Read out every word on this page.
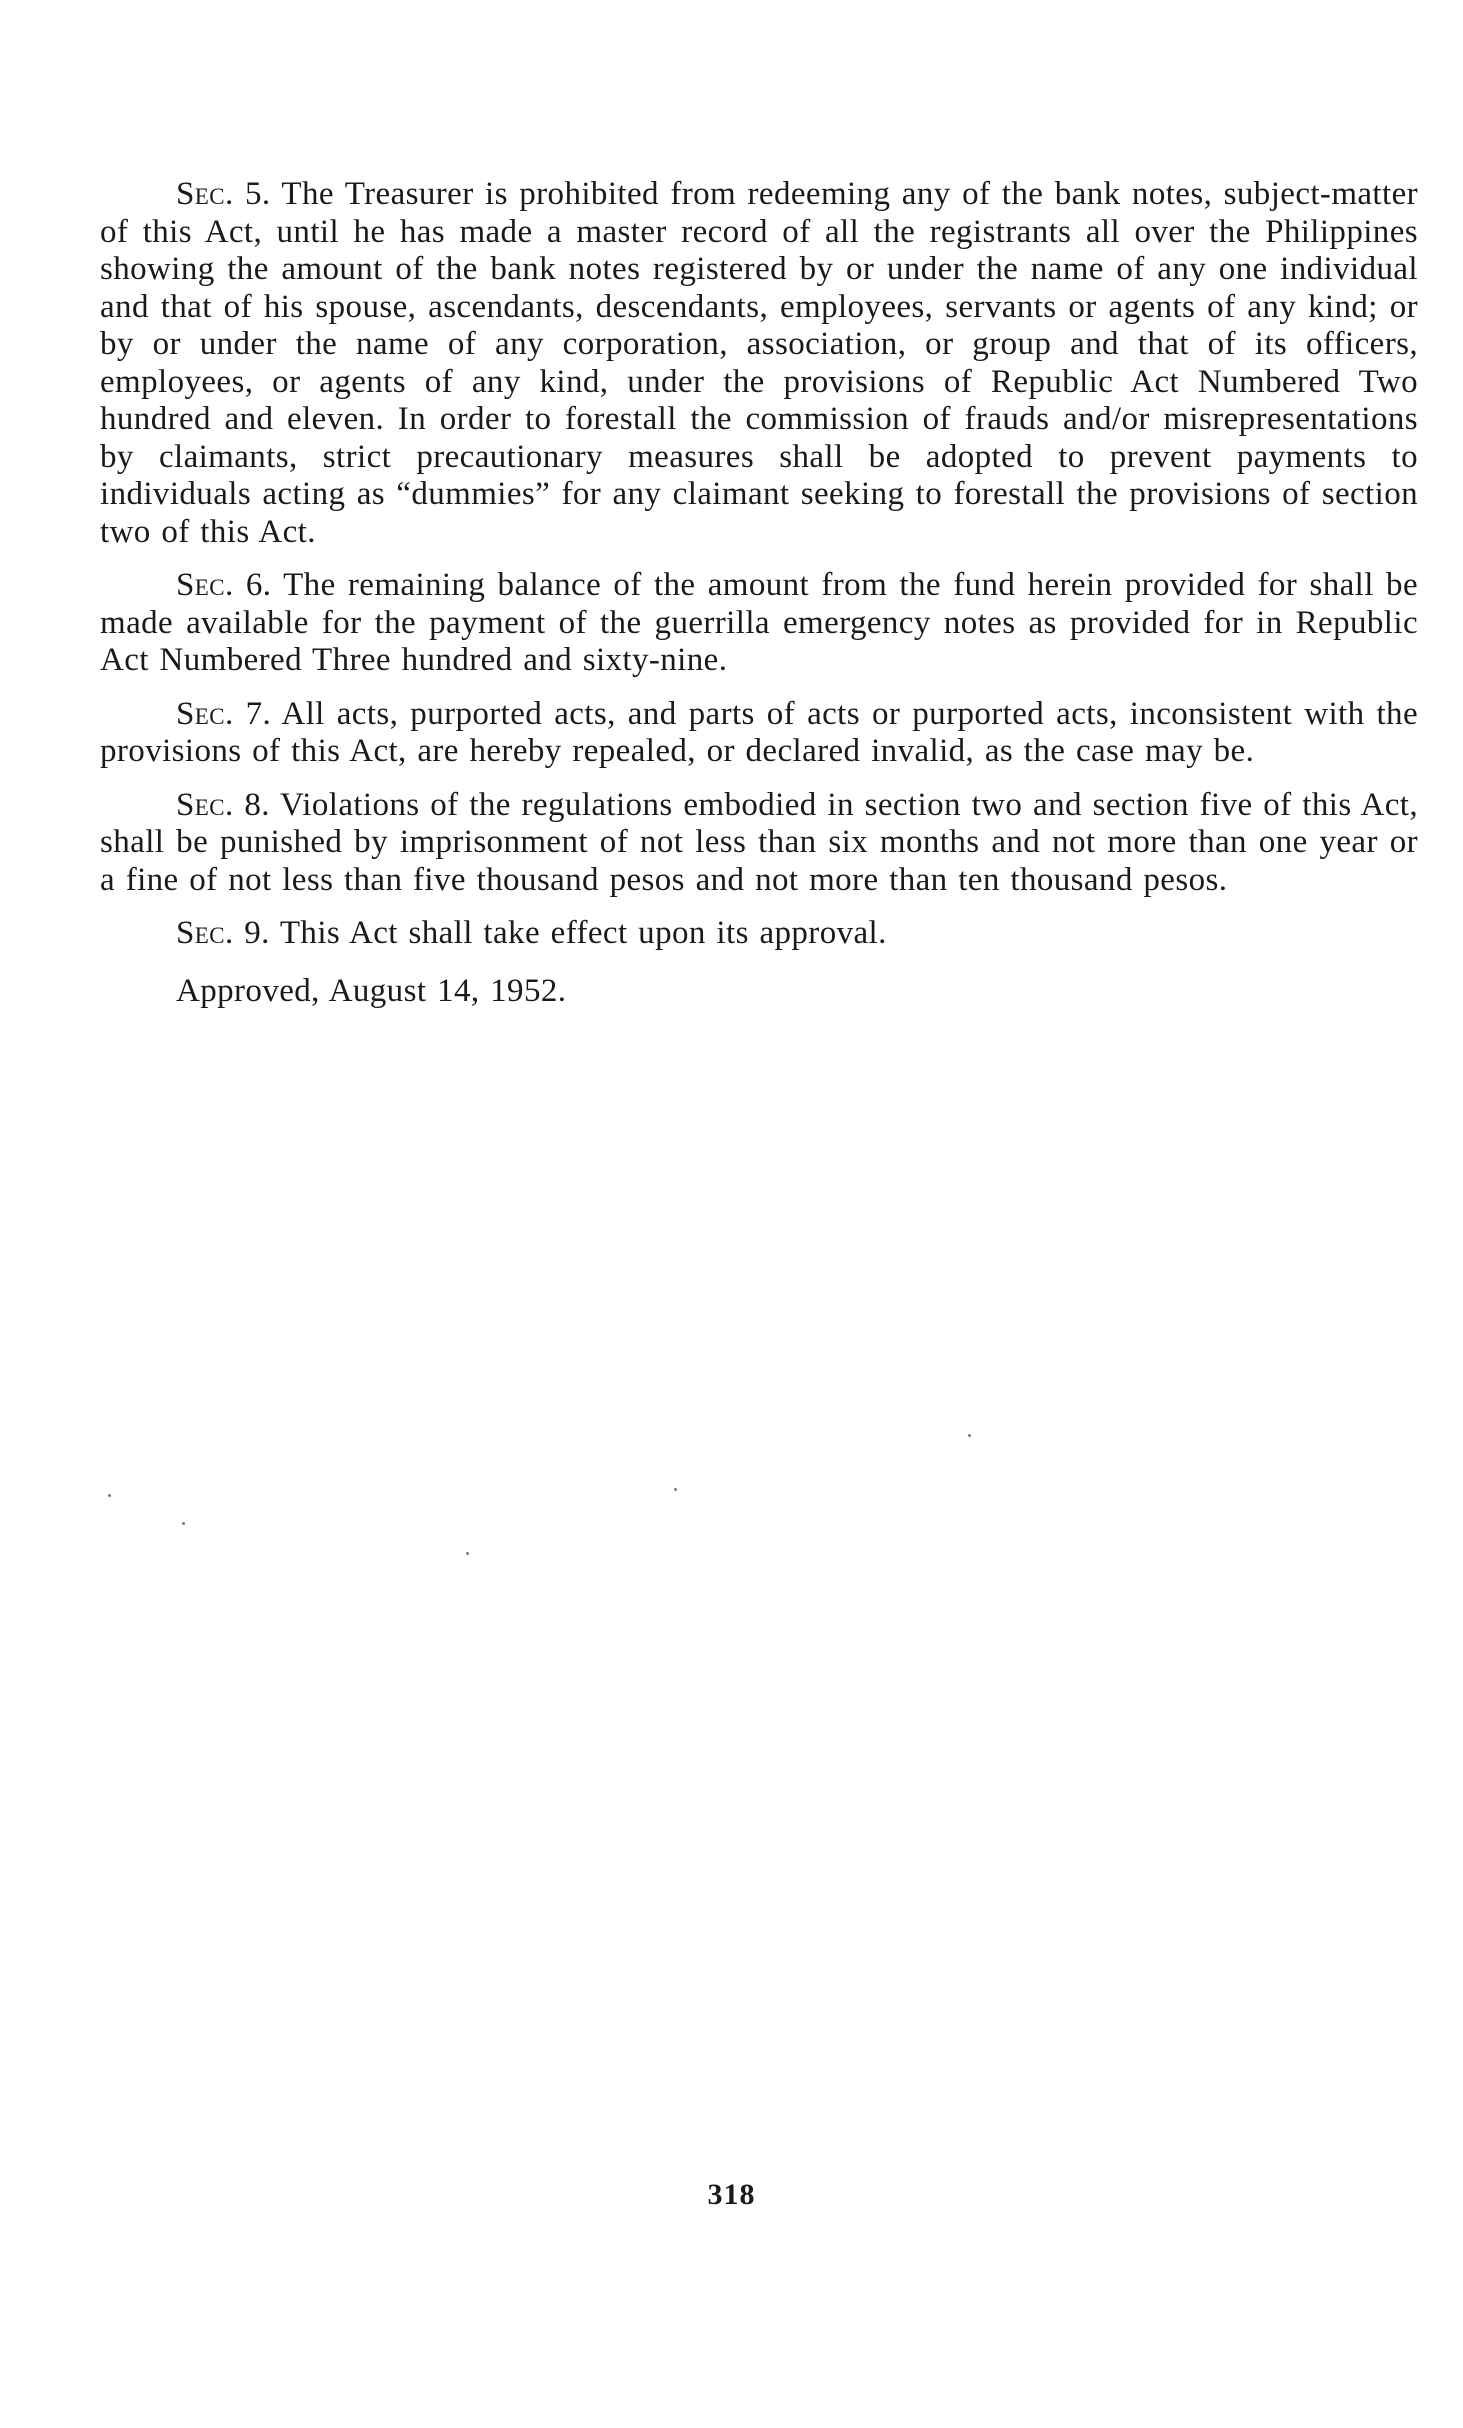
Sec. 5. The Treasurer is prohibited from redeeming any of the bank notes, subject-matter of this Act, until he has made a master record of all the registrants all over the Philippines showing the amount of the bank notes registered by or under the name of any one individual and that of his spouse, ascendants, descendants, employees, servants or agents of any kind; or by or under the name of any corporation, association, or group and that of its officers, employees, or agents of any kind, under the provisions of Republic Act Numbered Two hundred and eleven. In order to forestall the commission of frauds and/or misrepresentations by claimants, strict precautionary measures shall be adopted to prevent payments to individuals acting as “dummies” for any claimant seeking to forestall the provisions of section two of this Act.

Sec. 6. The remaining balance of the amount from the fund herein provided for shall be made available for the payment of the guerrilla emergency notes as provided for in Republic Act Numbered Three hundred and sixty-nine.

Sec. 7. All acts, purported acts, and parts of acts or purported acts, inconsistent with the provisions of this Act, are hereby repealed, or declared invalid, as the case may be.

Sec. 8. Violations of the regulations embodied in section two and section five of this Act, shall be punished by imprisonment of not less than six months and not more than one year or a fine of not less than five thousand pesos and not more than ten thousand pesos.

Sec. 9. This Act shall take effect upon its approval.

Approved, August 14, 1952.

318
